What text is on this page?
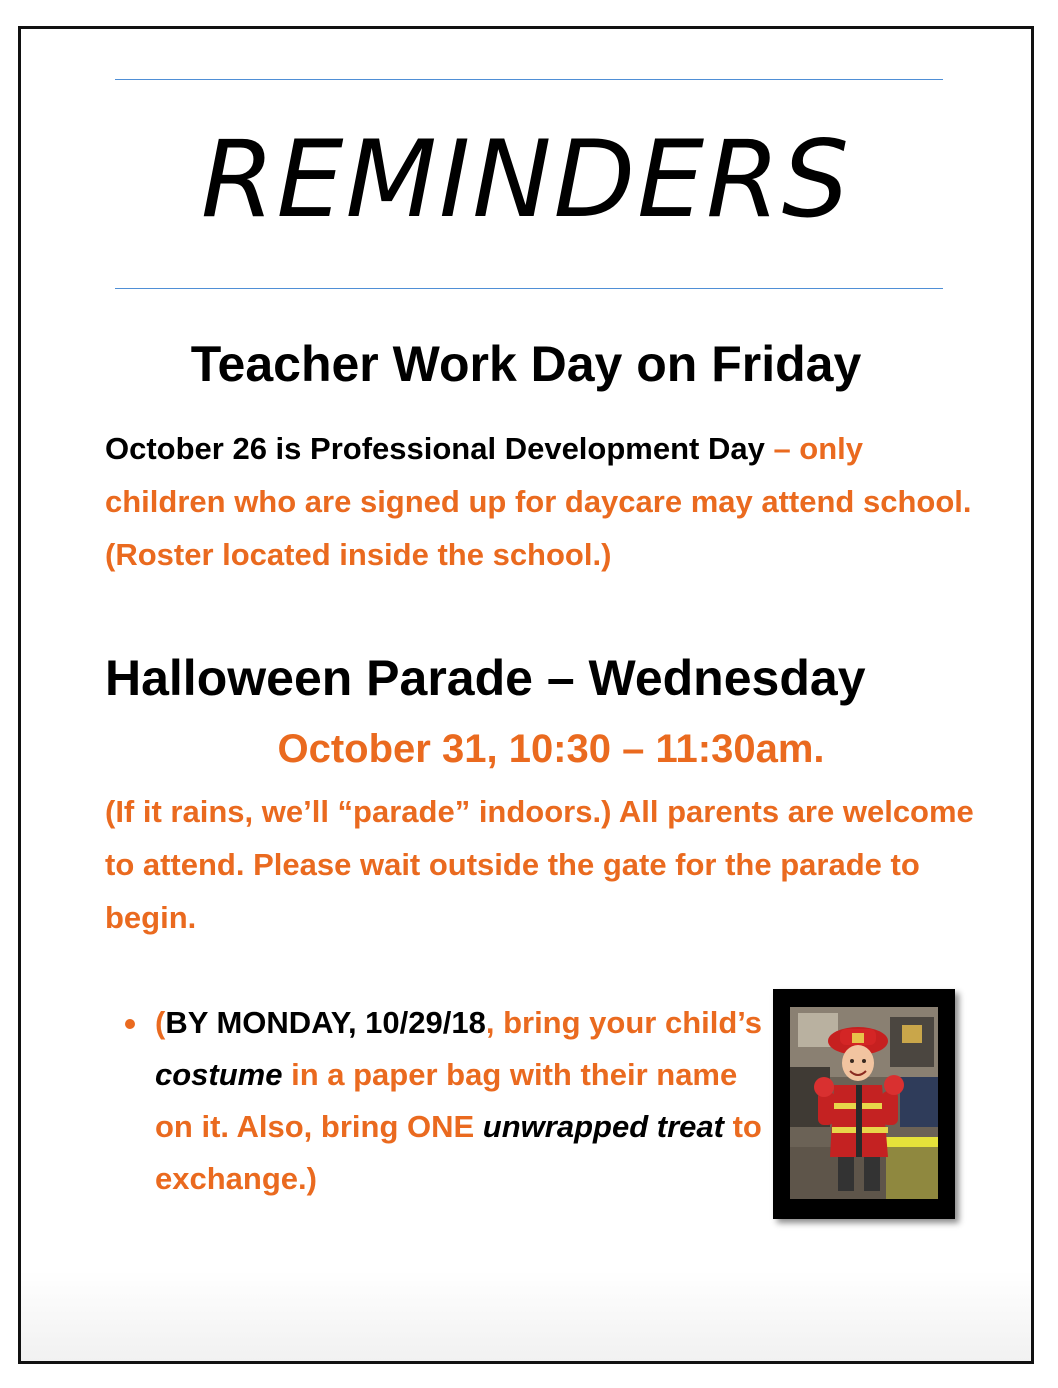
REMINDERS
Teacher Work Day on Friday

October 26 is Professional Development Day – only children who are signed up for daycare may attend school. (Roster located inside the school.)

Halloween Parade – Wednesday
October 31, 10:30 – 11:30am.

(If it rains, we’ll “parade” indoors.) All parents are welcome to attend. Please wait outside the gate for the parade to begin.

(BY MONDAY, 10/29/18, bring your child’s costume in a paper bag with their name on it. Also, bring ONE unwrapped treat to exchange.)
